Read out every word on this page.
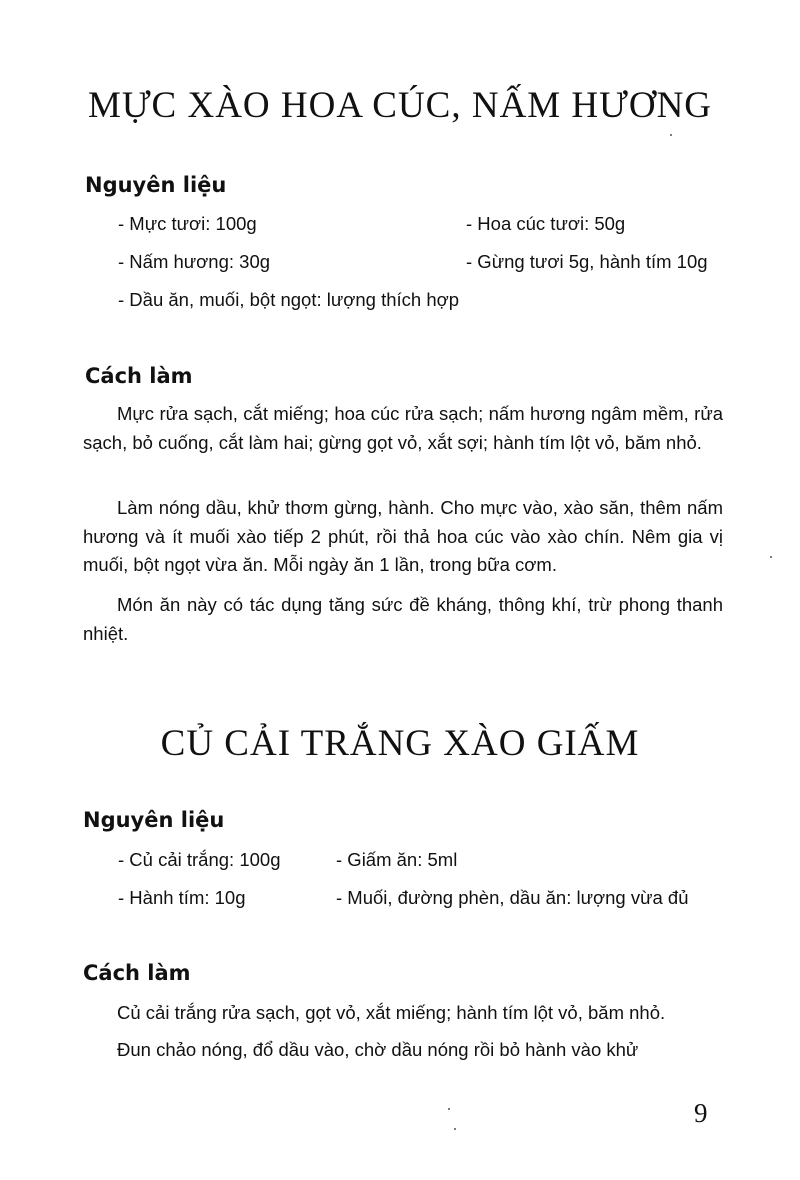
MỰC XÀO HOA CÚC, NẤM HƯƠNG
Nguyên liệu
- Mực tươi: 100g	- Hoa cúc tươi: 50g
- Nấm hương: 30g	- Gừng tươi 5g, hành tím 10g
- Dầu ăn, muối, bột ngọt: lượng thích hợp
Cách làm

Mực rửa sạch, cắt miếng; hoa cúc rửa sạch; nấm hương ngâm mềm, rửa sạch, bỏ cuống, cắt làm hai; gừng gọt vỏ, xắt sợi; hành tím lột vỏ, băm nhỏ.

Làm nóng dầu, khử thơm gừng, hành. Cho mực vào, xào săn, thêm nấm hương và ít muối xào tiếp 2 phút, rồi thả hoa cúc vào xào chín. Nêm gia vị muối, bột ngọt vừa ăn. Mỗi ngày ăn 1 lần, trong bữa cơm.

Món ăn này có tác dụng tăng sức đề kháng, thông khí, trừ phong thanh nhiệt.

CỦ CẢI TRẮNG XÀO GIẤM
Nguyên liệu
- Củ cải trắng: 100g	- Giấm ăn: 5ml
- Hành tím: 10g	- Muối, đường phèn, dầu ăn: lượng vừa đủ
Cách làm

Củ cải trắng rửa sạch, gọt vỏ, xắt miếng; hành tím lột vỏ, băm nhỏ.

Đun chảo nóng, đổ dầu vào, chờ dầu nóng rồi bỏ hành vào khử

9
